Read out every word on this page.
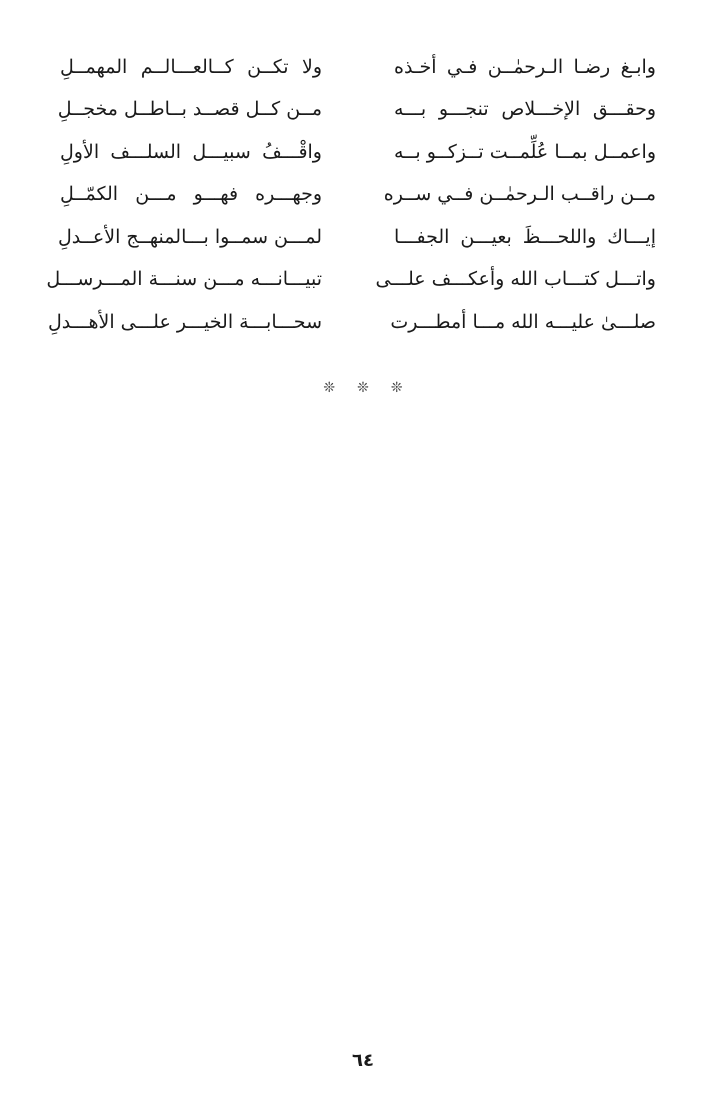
وابـغ رضـا الـرحمٰــن فـي أخـذه
ولا تكــن كــالعـــالــم المهمــلِ
وحقـــق الإخـــلاص تنجـــو بـــه
مــن كــل قصــد بــاطــل مخجــلِ
واعمــل بمــا عُلِّمــت تــزكــو بــه
واقْـــفُ سبيـــل السلـــف الأولِ
مــن راقــب الـرحمٰــن فــي ســره
وجهـــره فهـــو مـــن الكمّــلِ
إيـــاك واللحـــظَ بعيـــن الجفـــا
لمـــن سمــوا بـــالمنهــج الأعــدلِ
واتـــل كتـــاب الله وأعكـــف علـــى
تبيـــانـــه مـــن سنـــة المـــرســـل
صلـــىٰ عليـــه الله مـــا أمطـــرت
سحـــابـــة الخيـــر علـــى الأهـــدلِ
❊
❊
❊
٦٤
